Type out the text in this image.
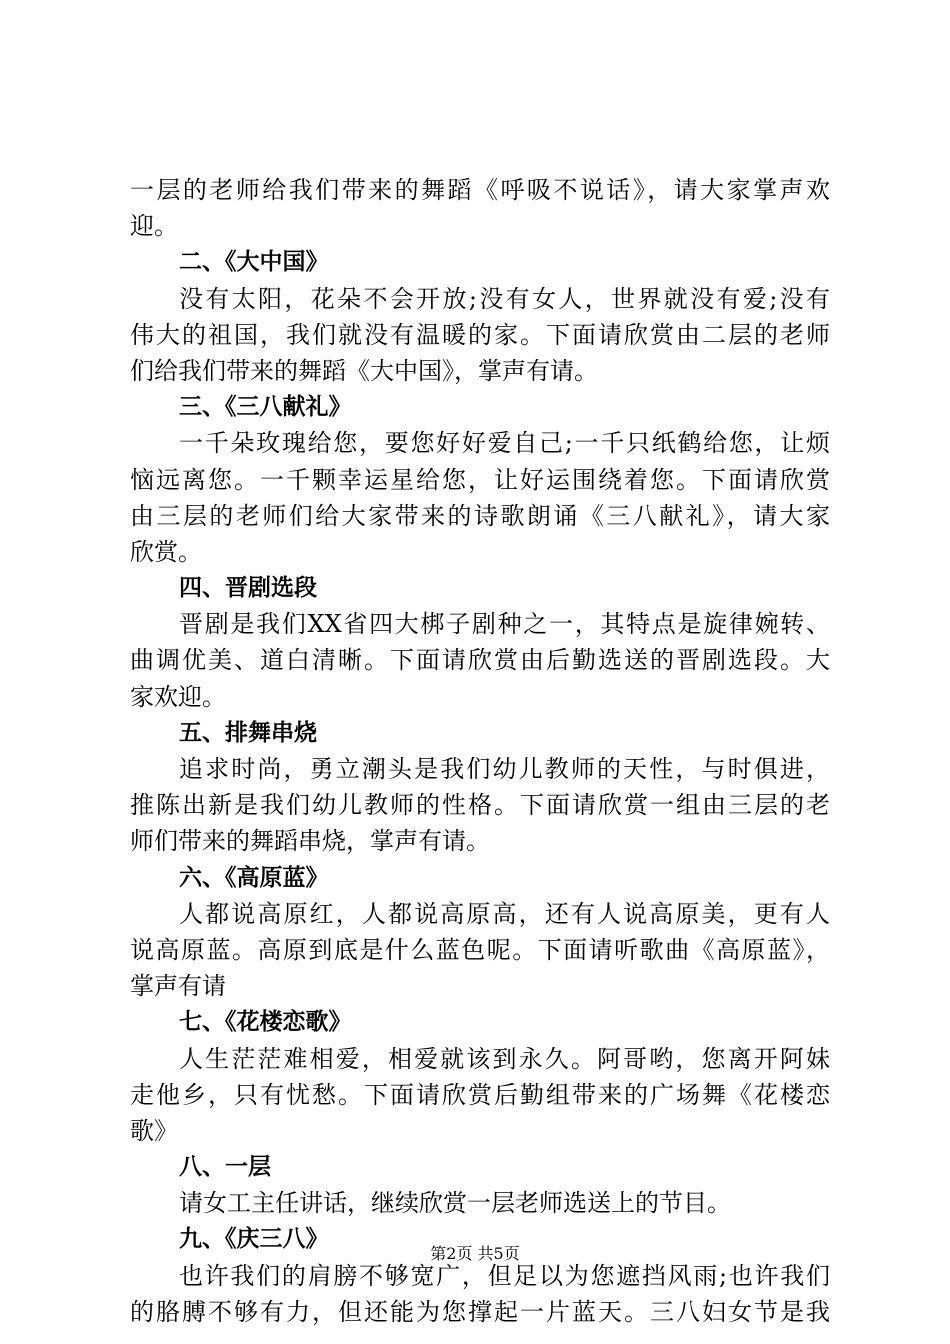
一层的老师给我们带来的舞蹈《呼吸不说话》，请大家掌声欢
迎。
二、《大中国》
没有太阳，花朵不会开放;没有女人，世界就没有爱;没有
伟大的祖国，我们就没有温暖的家。下面请欣赏由二层的老师
们给我们带来的舞蹈《大中国》，掌声有请。
三、《三八献礼》
一千朵玫瑰给您，要您好好爱自己;一千只纸鹤给您，让烦
恼远离您。一千颗幸运星给您，让好运围绕着您。下面请欣赏
由三层的老师们给大家带来的诗歌朗诵《三八献礼》，请大家
欣赏。
四、晋剧选段
晋剧是我们XX省四大梆子剧种之一，其特点是旋律婉转、
曲调优美、道白清晰。下面请欣赏由后勤选送的晋剧选段。大
家欢迎。
五、排舞串烧
追求时尚，勇立潮头是我们幼儿教师的天性，与时俱进，
推陈出新是我们幼儿教师的性格。下面请欣赏一组由三层的老
师们带来的舞蹈串烧，掌声有请。
六、《高原蓝》
人都说高原红，人都说高原高，还有人说高原美，更有人
说高原蓝。高原到底是什么蓝色呢。下面请听歌曲《高原蓝》，
掌声有请
七、《花楼恋歌》
人生茫茫难相爱，相爱就该到永久。阿哥哟，您离开阿妹
走他乡，只有忧愁。下面请欣赏后勤组带来的广场舞《花楼恋
歌》
八、一层
请女工主任讲话，继续欣赏一层老师选送上的节目。
九、《庆三八》
也许我们的肩膀不够宽广，但足以为您遮挡风雨;也许我们
的胳膊不够有力，但还能为您撑起一片蓝天。三八妇女节是我
第2页 共5页
